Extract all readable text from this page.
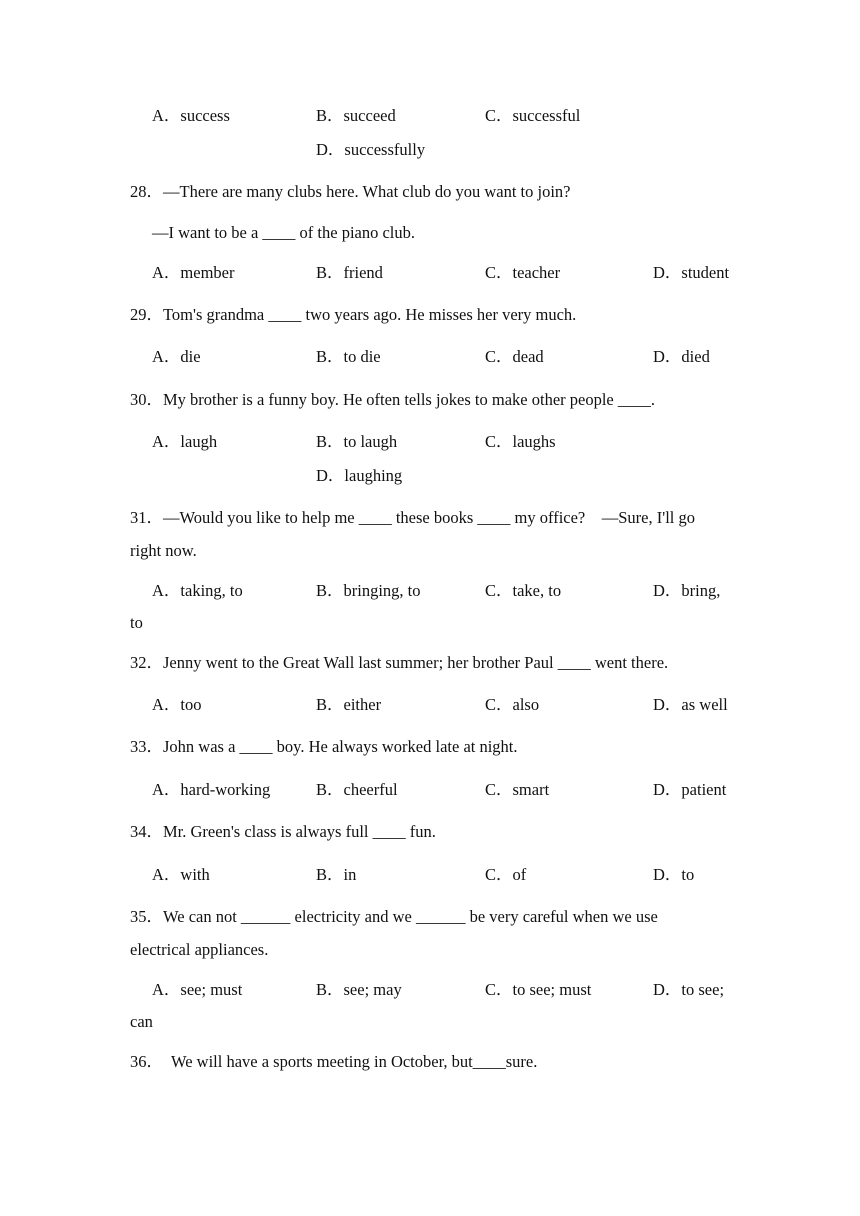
A．success	B．succeed	C．successful
D．successfully
28．—There are many clubs here. What club do you want to join?
—I want to be a ____ of the piano club.
A．member	B．friend	C．teacher	D．student
29．Tom's grandma ____ two years ago. He misses her very much.
A．die	B．to die	C．dead	D．died
30．My brother is a funny boy. He often tells jokes to make other people ____.
A．laugh	B．to laugh	C．laughs
D．laughing
31．—Would you like to help me ____ these books ____ my office?    —Sure, I'll go
right now.
A．taking, to	B．bringing, to	C．take, to	D．bring,
to
32．Jenny went to the Great Wall last summer; her brother Paul ____ went there.
A．too	B．either	C．also	D．as well
33．John was a ____ boy. He always worked late at night.
A．hard-working	B．cheerful	C．smart	D．patient
34．Mr. Green's class is always full ____ fun.
A．with	B．in	C．of	D．to
35．We can not ______ electricity and we ______ be very careful when we use
electrical appliances.
A．see; must	B．see; may	C．to see; must	D．to see;
can
36．  We will have a sports meeting in October, but____sure.
